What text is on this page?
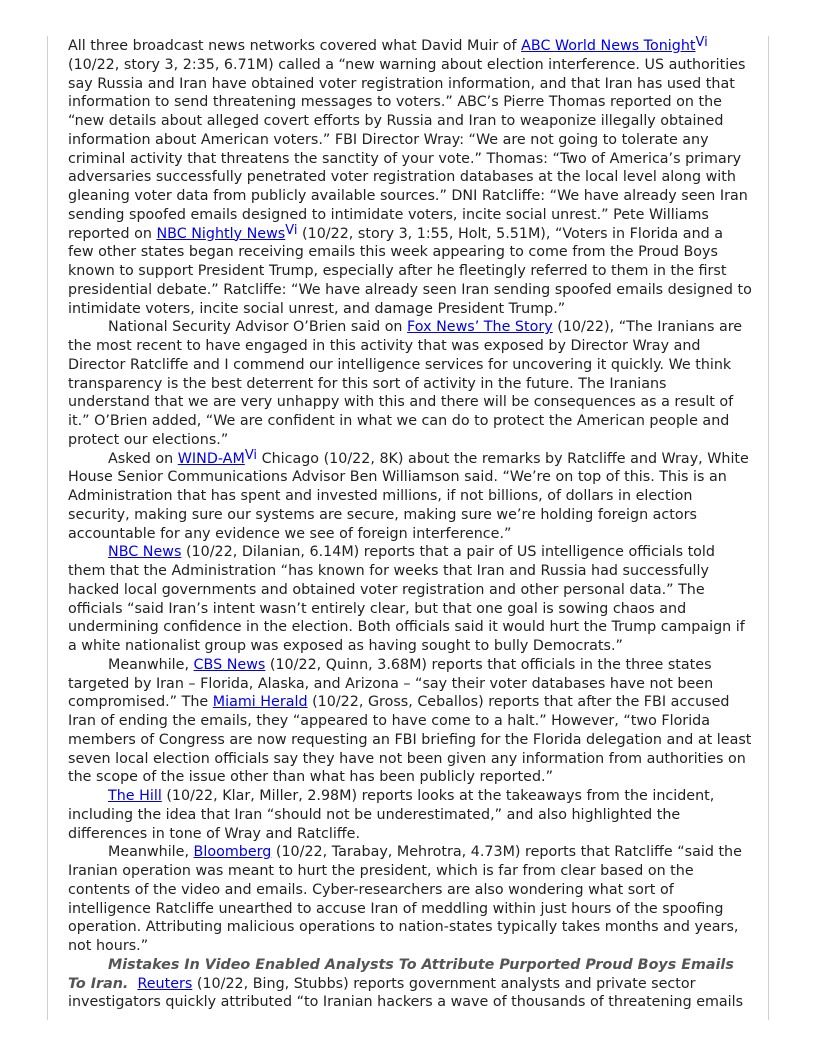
All three broadcast news networks covered what David Muir of ABC World News Tonight$^{Vi}$ (10/22, story 3, 2:35, 6.71M) called a “new warning about election interference. US authorities say Russia and Iran have obtained voter registration information, and that Iran has used that information to send threatening messages to voters.” ABC’s Pierre Thomas reported on the “new details about alleged covert efforts by Russia and Iran to weaponize illegally obtained information about American voters.” FBI Director Wray: “We are not going to tolerate any criminal activity that threatens the sanctity of your vote.” Thomas: “Two of America’s primary adversaries successfully penetrated voter registration databases at the local level along with gleaning voter data from publicly available sources.” DNI Ratcliffe: “We have already seen Iran sending spoofed emails designed to intimidate voters, incite social unrest.” Pete Williams reported on NBC Nightly News$^{Vi}$ (10/22, story 3, 1:55, Holt, 5.51M), “Voters in Florida and a few other states began receiving emails this week appearing to come from the Proud Boys known to support President Trump, especially after he fleetingly referred to them in the first presidential debate.” Ratcliffe: “We have already seen Iran sending spoofed emails designed to intimidate voters, incite social unrest, and damage President Trump.”

National Security Advisor O’Brien said on Fox News’ The Story (10/22), “The Iranians are the most recent to have engaged in this activity that was exposed by Director Wray and Director Ratcliffe and I commend our intelligence services for uncovering it quickly. We think transparency is the best deterrent for this sort of activity in the future. The Iranians understand that we are very unhappy with this and there will be consequences as a result of it.” O’Brien added, “We are confident in what we can do to protect the American people and protect our elections.”

Asked on WIND-$AM^{Vi}$ Chicago (10/22, 8K) about the remarks by Ratcliffe and Wray, White House Senior Communications Advisor Ben Williamson said. “We’re on top of this. This is an Administration that has spent and invested millions, if not billions, of dollars in election security, making sure our systems are secure, making sure we’re holding foreign actors accountable for any evidence we see of foreign interference.”

NBC News (10/22, Dilanian, 6.14M) reports that a pair of US intelligence officials told them that the Administration “has known for weeks that Iran and Russia had successfully hacked local governments and obtained voter registration and other personal data.” The officials “said Iran’s intent wasn’t entirely clear, but that one goal is sowing chaos and undermining confidence in the election. Both officials said it would hurt the Trump campaign if a white nationalist group was exposed as having sought to bully Democrats.”

Meanwhile, CBS News (10/22, Quinn, 3.68M) reports that officials in the three states targeted by Iran – Florida, Alaska, and Arizona – “say their voter databases have not been compromised.” The Miami Herald (10/22, Gross, Ceballos) reports that after the FBI accused Iran of ending the emails, they “appeared to have come to a halt.” However, “two Florida members of Congress are now requesting an FBI briefing for the Florida delegation and at least seven local election officials say they have not been given any information from authorities on the scope of the issue other than what has been publicly reported.”

The Hill (10/22, Klar, Miller, 2.98M) reports looks at the takeaways from the incident, including the idea that Iran “should not be underestimated,” and also highlighted the differences in tone of Wray and Ratcliffe.

Meanwhile, Bloomberg (10/22, Tarabay, Mehrotra, 4.73M) reports that Ratcliffe “said the Iranian operation was meant to hurt the president, which is far from clear based on the contents of the video and emails. Cyber-researchers are also wondering what sort of intelligence Ratcliffe unearthed to accuse Iran of meddling within just hours of the spoofing operation. Attributing malicious operations to nation-states typically takes months and years, not hours.”

Mistakes In Video Enabled Analysts To Attribute Purported Proud Boys Emails To Iran. Reuters (10/22, Bing, Stubbs) reports government analysts and private sector investigators quickly attributed “to Iranian hackers a wave of thousands of threatening emails
